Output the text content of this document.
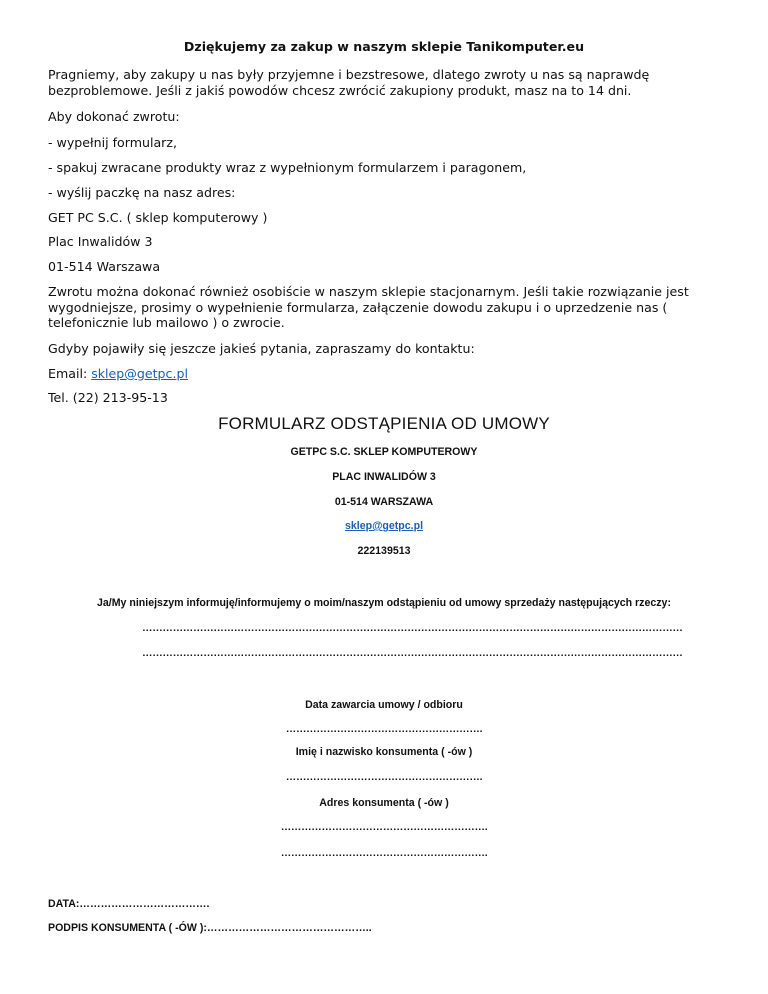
Dziękujemy za zakup w naszym sklepie Tanikomputer.eu

Pragniemy, aby zakupy u nas były przyjemne i bezstresowe, dlatego zwroty u nas są naprawdę

bezproblemowe. Jeśli z jakiś powodów chcesz zwrócić zakupiony produkt, masz na to 14 dni.

Aby dokonać zwrotu:

- wypełnij formularz,

- spakuj zwracane produkty wraz z wypełnionym formularzem i paragonem,

- wyślij paczkę na nasz adres:

GET PC S.C. ( sklep komputerowy )

Plac Inwalidów 3

01-514 Warszawa

Zwrotu można dokonać również osobiście w naszym sklepie stacjonarnym. Jeśli takie rozwiązanie jest

wygodniejsze, prosimy o wypełnienie formularza, załączenie dowodu zakupu i o uprzedzenie nas (

telefonicznie lub mailowo ) o zwrocie.

Gdyby pojawiły się jeszcze jakieś pytania, zapraszamy do kontaktu:

Email: sklep@getpc.pl

Tel. (22) 213-95-13

FORMULARZ ODSTĄPIENIA OD UMOWY

GETPC S.C. SKLEP KOMPUTEROWY

PLAC INWALIDÓW 3

01-514 WARSZAWA

sklep@getpc.pl

222139513

Ja/My niniejszym informuję/informujemy o moim/naszym odstąpieniu od umowy sprzedaży następujących rzeczy:

……………………………………………………………………………………………………………………………………………

……………………………………………………………………………………………………………………………………………

Data zawarcia umowy / odbioru

………………………………………………….

Imię i nazwisko konsumenta ( -ów )

………………………………………………….

Adres konsumenta ( -ów )

…………………………………………………….

…………………………………………………….

DATA:……………………………….

PODPIS KONSUMENTA ( -ÓW ):………………………………………..
